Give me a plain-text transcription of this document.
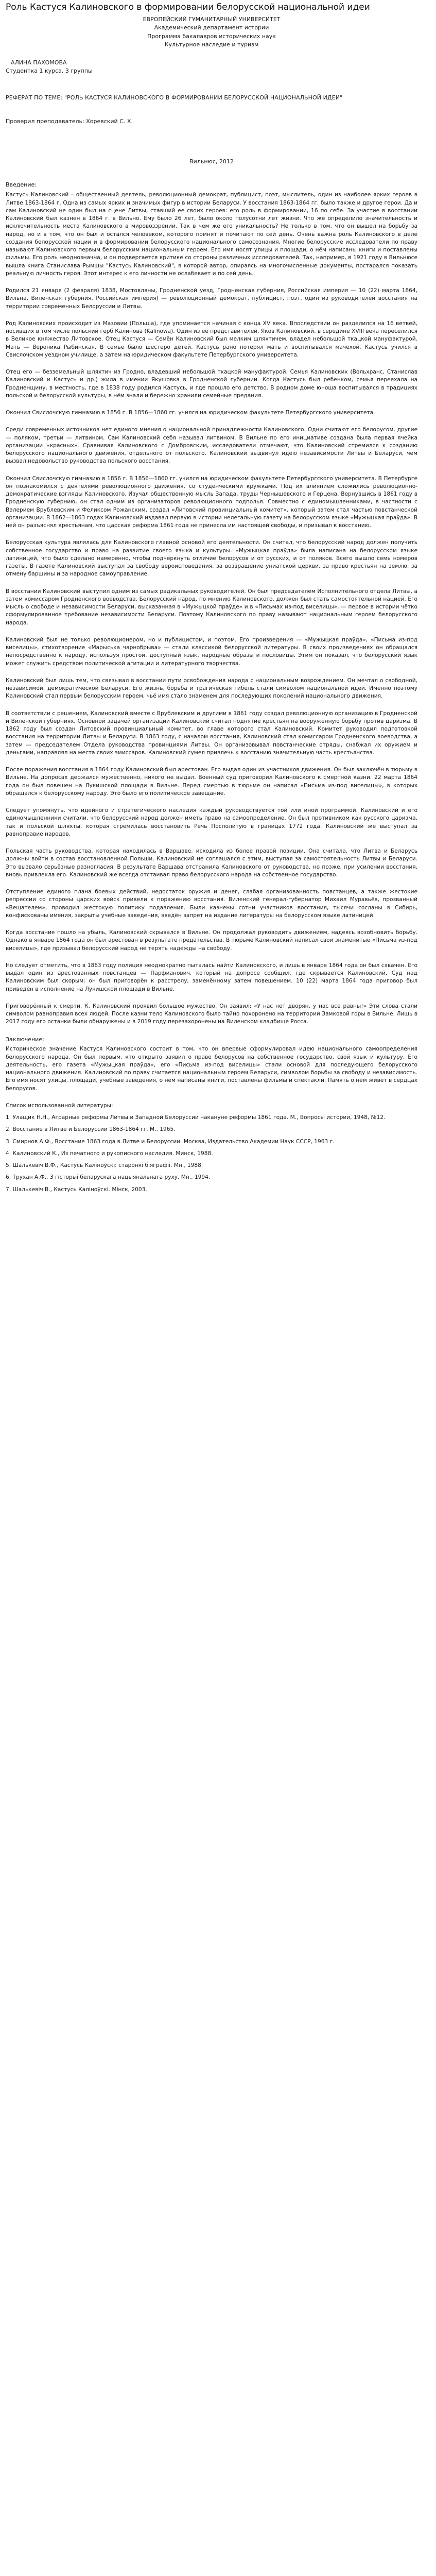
Роль Кастуся Калиновского в формировании белорусской национальной идеи

ЕВРОПЕЙСКИЙ ГУМАНИТАРНЫЙ УНИВЕРСИТЕТ

Академический департамент истории

Программа бакалавров исторических наук

Культурное наследие и туризм

АЛИНА ПАХОМОВА

Студентка 1 курса, 3 группы

РЕФЕРАТ ПО ТЕМЕ: "РОЛЬ КАСТУСЯ КАЛИНОВСКОГО В ФОРМИРОВАНИИ БЕЛОРУССКОЙ НАЦИОНАЛЬНОЙ ИДЕИ"

Проверил преподаватель: Хоревский С. Х.

Вильнюс, 2012

Введение:

Кастусь Калиновский – общественный деятель, революционный демократ, публицист, поэт, мыслитель, один из наиболее ярких героев в Литве 1863-1864 г. Одна из самых ярких и значимых фигур в истории Беларуси. У восстания 1863-1864 гг. было также и другое герои. Да и сам Калиновский не один был на сцене Литвы, ставший ее своих героев: его роль в формировании, 16 по себе. За участие в восстании Калиновский был казнен в 1864 г. в Вильно. Ему было 26 лет, было около полусотни лет жизни. Что же определило значительность и исключительность места Калиновского в мировоззрении, Так в чем же его уникальность? Не только в том, что он вышел на борьбу за народ, но и в том, что он был и остался человеком, которого помнят и почитают по сей день. Очень важна роль Калиновского в деле создания белорусской нации и в формировании белорусского национального самосознания. Многие белорусские исследователи по праву называют Калиновского первым белорусским национальным героем. Его имя носят улицы и площади, о нём написаны книги и поставлены фильмы. Его роль неоднозначна, и он подвергается критике со стороны различных исследователей. Так, например, в 1921 году в Вильнюсе вышла книга Станислава Рымшы "Кастусь Калиновский", в которой автор, опираясь на многочисленные документы, постарался показать реальную личность героя. Этот интерес к его личности не ослабевает и по сей день.

Родился 21 января (2 февраля) 1838, Мостовляны, Гродненской уезд, Гродненская губерния, Российская империя — 10 (22) марта 1864, Вильна, Виленская губерния, Российская империя) — революционный демократ, публицист, поэт, один из руководителей восстания на территории современных Белоруссии и Литвы.

Род Калиновских происходит из Мазовии (Польша), где упоминается начиная с конца XV века. Впоследствии он разделился на 16 ветвей, носивших в том числе польский герб Калинова (Kalinowa). Один из её представителей, Яков Калиновский, в середине XVIII века переселился в Великое княжество Литовское. Отец Кастуся — Семён Калиновский был мелким шляхтичем, владел небольшой ткацкой мануфактурой. Мать — Вероника Рыбинская. В семье было шестеро детей. Кастусь рано потерял мать и воспитывался мачехой. Кастусь учился в Свислочском уездном училище, а затем на юридическом факультете Петербургского университета.

Отец его — безземельный шляхтич из Гродно, владевший небольшой ткацкой мануфактурой. Семья Калиновских (Вольхранс, Станислав Калиновский и Кастусь и др.) жила в имении Якушовка в Гродненской губернии. Когда Кастусь был ребенком, семья переехала на Гродненщину, в местность, где в 1838 году родился Кастусь, и где прошло его детство. В родном доме юноша воспитывался в традициях польской и белорусской культуры, в нём знали и бережно хранили семейные предания.

Окончил Свислочскую гимназию в 1856 г. В 1856—1860 гг. учился на юридическом факультете Петербургского университета.

Среди современных источников нет единого мнения о национальной принадлежности Калиновского. Одни считают его белорусом, другие — поляком, третьи — литвином. Сам Калиновский себя называл литвином. В Вильне по его инициативе создана была первая ячейка организации «красных». Сравнивая Калиновского с Домбровским, исследователи отмечают, что Калиновский стремился к созданию белорусского национального движения, отдельного от польского. Калиновский выдвинул идею независимости Литвы и Беларуси, чем вызвал недовольство руководства польского восстания.

Окончил Свислочскую гимназию в 1856 г. В 1856—1860 гг. учился на юридическом факультете Петербургского университета. В Петербурге он познакомился с деятелями революционного движения, со студенческими кружками. Под их влиянием сложились революционно-демократические взгляды Калиновского. Изучал общественную мысль Запада, труды Чернышевского и Герцена. Вернувшись в 1861 году в Гродненскую губернию, он стал одним из организаторов революционного подполья. Совместно с единомышленниками, в частности с Валерием Врублевским и Феликсом Рожанским, создал «Литовский провинциальный комитет», который затем стал частью повстанческой организации. В 1862—1863 годах Калиновский издавал первую в истории нелегальную газету на белорусском языке «Мужыцкая праўда». В ней он разъяснял крестьянам, что царская реформа 1861 года не принесла им настоящей свободы, и призывал к восстанию.

Белорусская культура являлась для Калиновского главной основой его деятельности. Он считал, что белорусский народ должен получить собственное государство и право на развитие своего языка и культуры. «Мужыцкая праўда» была написана на белорусском языке латиницей, что было сделано намеренно, чтобы подчеркнуть отличие белорусов и от русских, и от поляков. Всего вышло семь номеров газеты. В газете Калиновский выступал за свободу вероисповедания, за возвращение униатской церкви, за право крестьян на землю, за отмену барщины и за народное самоуправление.

В восстании Калиновский выступил одним из самых радикальных руководителей. Он был председателем Исполнительного отдела Литвы, а затем комиссаром Гродненского воеводства. Белорусский народ, по мнению Калиновского, должен был стать самостоятельной нацией. Его мысль о свободе и независимости Беларуси, высказанная в «Мужыцкой праўде» и в «Письмах из-под виселицы», — первое в истории чётко сформулированное требование независимости Беларуси. Поэтому Калиновского по праву называют национальным героем белорусского народа.

Калиновский был не только революционером, но и публицистом, и поэтом. Его произведения — «Мужыцкая праўда», «Письма из-под виселицы», стихотворение «Марыська чарнобрыва» — стали классикой белорусской литературы. В своих произведениях он обращался непосредственно к народу, используя простой, доступный язык, народные образы и пословицы. Этим он показал, что белорусский язык может служить средством политической агитации и литературного творчества.

Калиновский был лишь тем, что связывал в восстании пути освобождения народа с национальным возрождением. Он мечтал о свободной, независимой, демократической Беларуси. Его жизнь, борьба и трагическая гибель стали символом национальной идеи. Именно поэтому Калиновский стал первым белорусским героем, чьё имя стало знаменем для последующих поколений национального движения.

В соответствии с решением, Калиновский вместе с Врублевским и другими в 1861 году создал революционную организацию в Гродненской и Виленской губерниях. Основной задачей организации Калиновский считал поднятие крестьян на вооружённую борьбу против царизма. В 1862 году был создан Литовский провинциальный комитет, во главе которого стал Калиновский. Комитет руководил подготовкой восстания на территории Литвы и Беларуси. В 1863 году, с началом восстания, Калиновский стал комиссаром Гродненского воеводства, а затем — председателем Отдела руководства провинциями Литвы. Он организовывал повстанческие отряды, снабжал их оружием и деньгами, направлял на места своих эмиссаров. Калиновский сумел привлечь к восстанию значительную часть крестьянства.

После поражения восстания в 1864 году Калиновский был арестован. Его выдал один из участников движения. Он был заключён в тюрьму в Вильне. На допросах держался мужественно, никого не выдал. Военный суд приговорил Калиновского к смертной казни. 22 марта 1864 года он был повешен на Лукишской площади в Вильне. Перед смертью в тюрьме он написал «Письма из-под виселицы», в которых обращался к белорусскому народу. Это было его политическое завещание.

Следует упомянуть, что идейного и стратегического наследия каждый руководствуется той или иной программой. Калиновский и его единомышленники считали, что белорусский народ должен иметь право на самоопределение. Он был противником как русского царизма, так и польской шляхты, которая стремилась восстановить Речь Посполитую в границах 1772 года. Калиновский же выступал за равноправие народов.

Польская часть руководства, которая находилась в Варшаве, исходила из более правой позиции. Она считала, что Литва и Беларусь должны войти в состав восстановленной Польши. Калиновский не соглашался с этим, выступая за самостоятельность Литвы и Беларуси. Это вызвало серьёзные разногласия. В результате Варшава отстранила Калиновского от руководства, но позже, при усилении восстания, вновь привлекла его. Калиновский же всегда отстаивал право белорусского народа на собственное государство.

Отступление единого плана боевых действий, недостаток оружия и денег, слабая организованность повстанцев, а также жестокие репрессии со стороны царских войск привели к поражению восстания. Виленский генерал-губернатор Михаил Муравьёв, прозванный «Вешателем», проводил жестокую политику подавления. Были казнены сотни участников восстания, тысячи сосланы в Сибирь, конфискованы имения, закрыты учебные заведения, введён запрет на издание литературы на белорусском языке латиницей.

Когда восстание пошло на убыль, Калиновский скрывался в Вильне. Он продолжал руководить движением, надеясь возобновить борьбу. Однако в январе 1864 года он был арестован в результате предательства. В тюрьме Калиновский написал свои знаменитые «Письма из-под виселицы», где призывал белорусский народ не терять надежды на свободу.

Но следует отметить, что в 1863 году полиция неоднократно пыталась найти Калиновского, и лишь в январе 1864 года он был схвачен. Его выдал один из арестованных повстанцев — Парфианович, который на допросе сообщил, где скрывается Калиновский. Суд над Калиновским был скорым: он был приговорён к расстрелу, заменённому затем повешением. 10 (22) марта 1864 года приговор был приведён в исполнение на Лукишской площади в Вильне.

Приговорённый к смерти, К. Калиновский проявил большое мужество. Он заявил: «У нас нет дворян, у нас все равны!» Эти слова стали символом равноправия всех людей. После казни тело Калиновского было тайно похоронено на территории Замковой горы в Вильне. Лишь в 2017 году его останки были обнаружены и в 2019 году перезахоронены на Виленском кладбище Росса.

Заключение:

Историческое значение Кастуся Калиновского состоит в том, что он впервые сформулировал идею национального самоопределения белорусского народа. Он был первым, кто открыто заявил о праве белорусов на собственное государство, свой язык и культуру. Его деятельность, его газета «Мужыцкая праўда», его «Письма из-под виселицы» стали основой для последующего белорусского национального движения. Калиновский по праву считается национальным героем Беларуси, символом борьбы за свободу и независимость. Его имя носят улицы, площади, учебные заведения, о нём написаны книги, поставлены фильмы и спектакли. Память о нём живёт в сердцах белорусов.

Список использованной литературы:

1. Улащик Н.Н., Аграрные реформы Литвы и Западной Белоруссии накануне реформы 1861 года. М., Вопросы истории, 1948, №12.

2. Восстание в Литве и Белоруссии 1863-1864 гг. М., 1965.

3. Смирнов А.Ф., Восстание 1863 года в Литве и Белоруссии. Москва, Издательство Академии Наук СССР, 1963 г.

4. Калиновский К., Из печатного и рукописного наследия. Минск, 1988.

5. Шалькевіч В.Ф., Кастусь Каліноўскі: старонкі біяграфіі. Мн., 1988.

6. Трухан А.Ф., З гісторыі беларускага нацыянальнага руху. Мн., 1994.

7. Шалькевіч В., Кастусь Каліноўскі. Мінск, 2003.
